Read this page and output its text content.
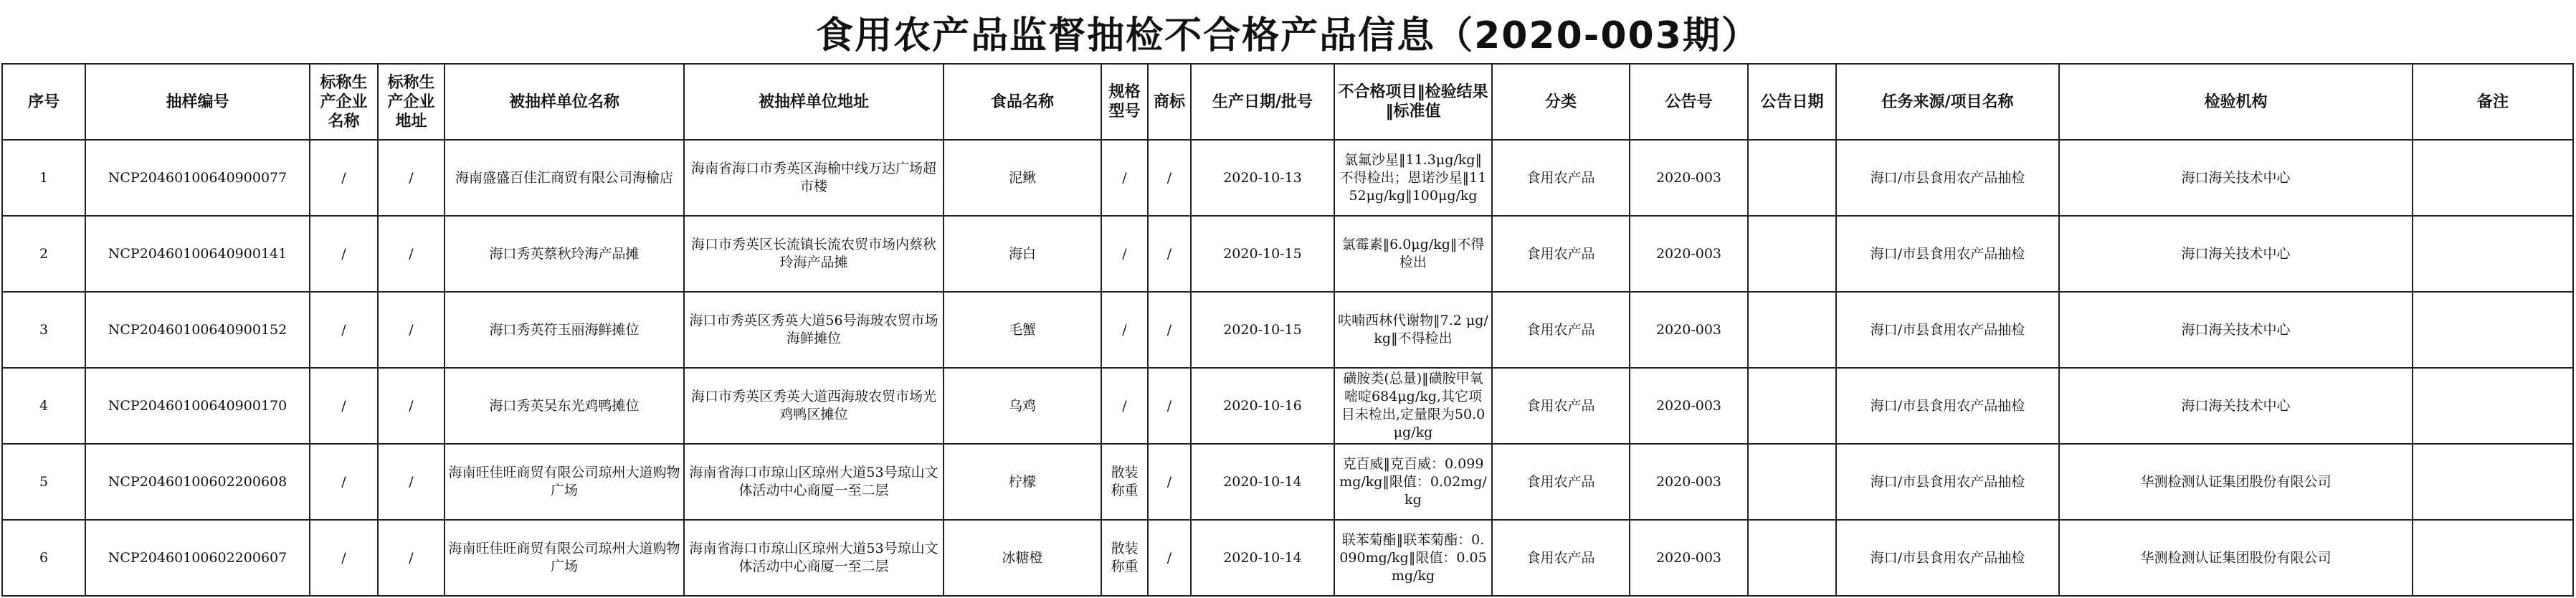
食用农产品监督抽检不合格产品信息（2020-003期）
序号	抽样编号	标称生产企业名称	标称生产企业地址	被抽样单位名称	被抽样单位地址	食品名称	规格型号	商标	生产日期/批号	不合格项目‖检验结果‖标准值	分类	公告号	公告日期	任务来源/项目名称	检验机构	备注
1	NCP20460100640900077	/	/	海南盛盛百佳汇商贸有限公司海榆店	海南省海口市秀英区海榆中线万达广场超市楼	泥鳅	/	/	2020-10-13	氯氟沙星‖11.3μg/kg‖不得检出；恩诺沙星‖1152μg/kg‖100μg/kg	食用农产品	2020-003		海口/市县食用农产品抽检	海口海关技术中心	
2	NCP20460100640900141	/	/	海口秀英蔡秋玲海产品摊	海口市秀英区长流镇长流农贸市场内蔡秋玲海产品摊	海白	/	/	2020-10-15	氯霉素‖6.0μg/kg‖不得检出	食用农产品	2020-003		海口/市县食用农产品抽检	海口海关技术中心	
3	NCP20460100640900152	/	/	海口秀英符玉丽海鲜摊位	海口市秀英区秀英大道56号海玻农贸市场海鲜摊位	毛蟹	/	/	2020-10-15	呋喃西林代谢物‖7.2 μg/kg‖不得检出	食用农产品	2020-003		海口/市县食用农产品抽检	海口海关技术中心	
4	NCP20460100640900170	/	/	海口秀英吴东光鸡鸭摊位	海口市秀英区秀英大道西海玻农贸市场光鸡鸭区摊位	乌鸡	/	/	2020-10-16	磺胺类(总量)‖磺胺甲氧嘧啶684μg/kg,其它项目未检出,定量限为50.0μg/kg	食用农产品	2020-003		海口/市县食用农产品抽检	海口海关技术中心	
5	NCP20460100602200608	/	/	海南旺佳旺商贸有限公司琼州大道购物广场	海南省海口市琼山区琼州大道53号琼山文体活动中心商厦一至二层	柠檬	散装称重	/	2020-10-14	克百威‖克百威：0.099 mg/kg‖限值：0.02mg/kg	食用农产品	2020-003		海口/市县食用农产品抽检	华测检测认证集团股份有限公司	
6	NCP20460100602200607	/	/	海南旺佳旺商贸有限公司琼州大道购物广场	海南省海口市琼山区琼州大道53号琼山文体活动中心商厦一至二层	冰糖橙	散装称重	/	2020-10-14	联苯菊酯‖联苯菊酯：0.090mg/kg‖限值：0.05mg/kg	食用农产品	2020-003		海口/市县食用农产品抽检	华测检测认证集团股份有限公司	
